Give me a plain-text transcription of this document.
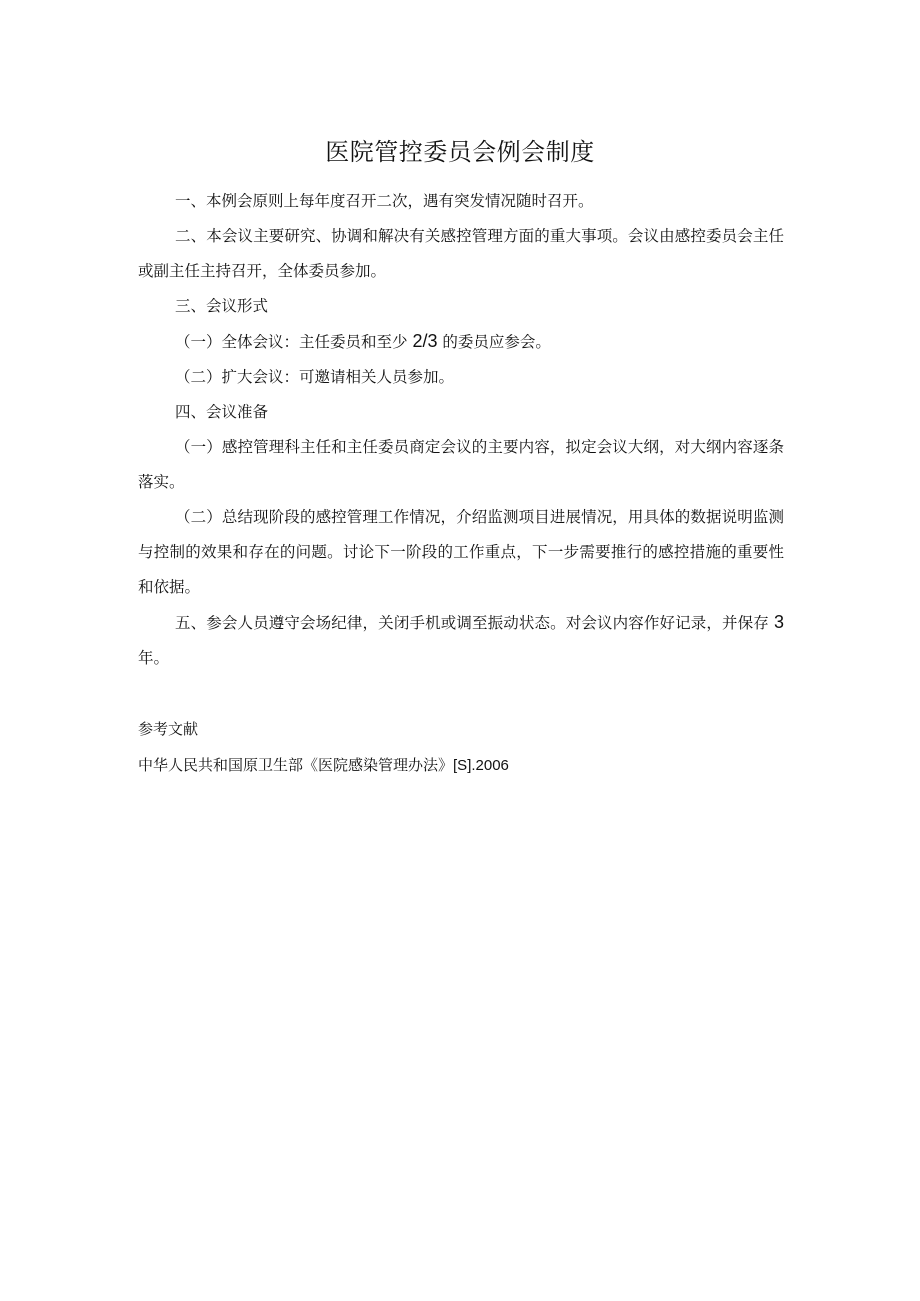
医院管控委员会例会制度

一、本例会原则上每年度召开二次，遇有突发情况随时召开。

二、本会议主要研究、协调和解决有关感控管理方面的重大事项。会议由感控委员会主任或副主任主持召开，全体委员参加。

三、会议形式

（一）全体会议：主任委员和至少 2/3 的委员应参会。

（二）扩大会议：可邀请相关人员参加。

四、会议准备

（一）感控管理科主任和主任委员商定会议的主要内容，拟定会议大纲，对大纲内容逐条落实。

（二）总结现阶段的感控管理工作情况，介绍监测项目进展情况，用具体的数据说明监测与控制的效果和存在的问题。讨论下一阶段的工作重点，下一步需要推行的感控措施的重要性和依据。

五、参会人员遵守会场纪律，关闭手机或调至振动状态。对会议内容作好记录，并保存 3 年。

参考文献
中华人民共和国原卫生部《医院感染管理办法》[S].2006
